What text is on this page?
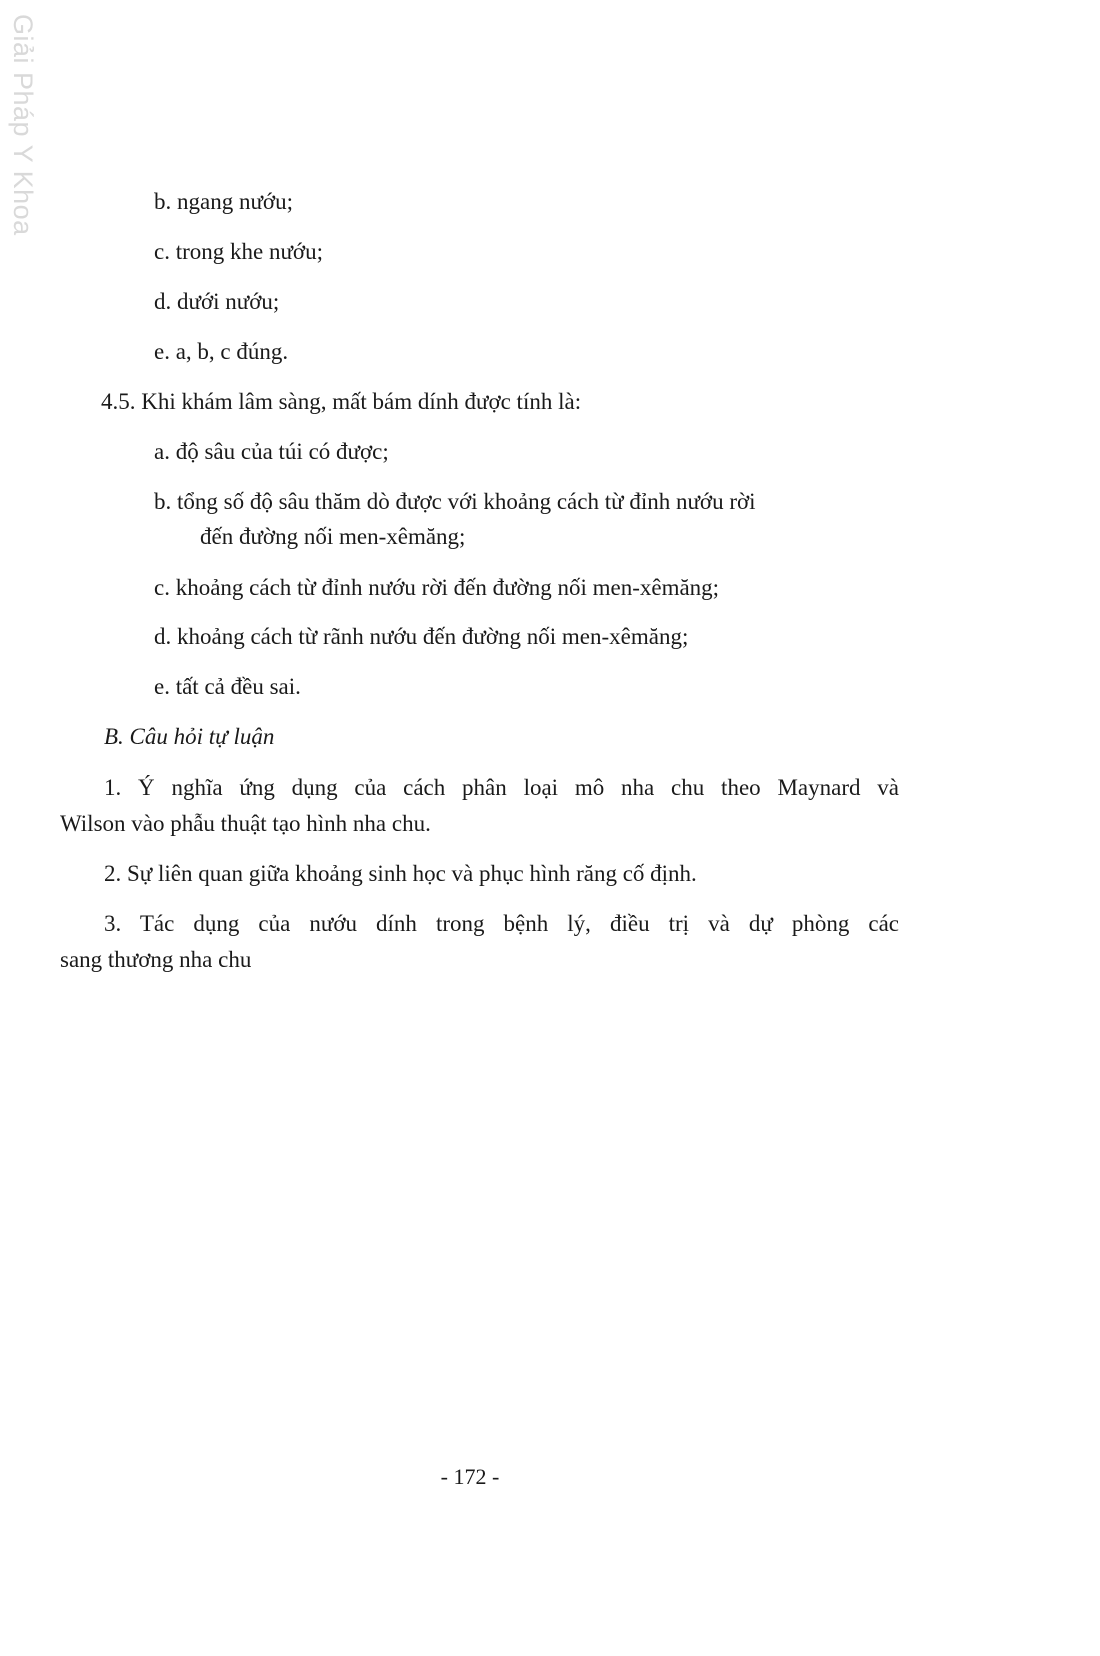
Giải Pháp Y Khoa	b. ngang nướu;
c. trong khe nướu;
d. dưới nướu;
e. a, b, c đúng.
4.5. Khi khám lâm sàng, mất bám dính được tính là:
a. độ sâu của túi có được;
b. tổng số độ sâu thăm dò được với khoảng cách từ đỉnh nướu rời
đến đường nối men-xêmăng;
c. khoảng cách từ đỉnh nướu rời đến đường nối men-xêmăng;
d. khoảng cách từ rãnh nướu đến đường nối men-xêmăng;
e. tất cả đều sai.
B. Câu hỏi tự luận
1. Ý nghĩa ứng dụng của cách phân loại mô nha chu theo Maynard và
Wilson vào phẫu thuật tạo hình nha chu.
2. Sự liên quan giữa khoảng sinh học và phục hình răng cố định.
3. Tác dụng của nướu dính trong bệnh lý, điều trị và dự phòng các
sang thương nha chu
- 172 -
